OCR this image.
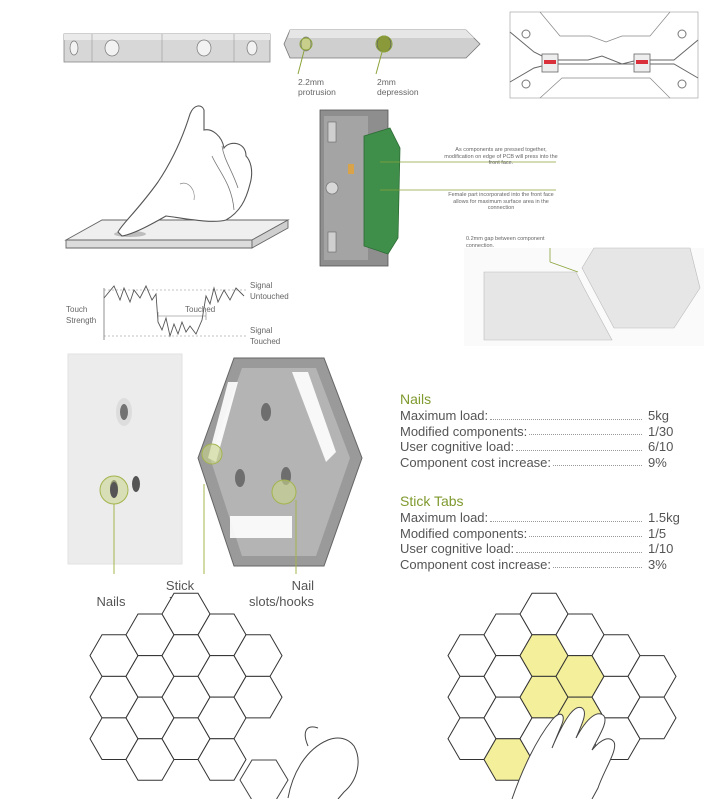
2.2mm protrusion
2mm depression
As components are pressed together, modification on edge of PCB will press into the front face.
Female part incorporated into the front face allows for maximum surface area in the connection
0.2mm gap between component connection.
Touch
Strength
Signal
Untouched
Touched
Signal
Touched
Nails
Stick	Nail
slots/hooks
Nails
Maximum load:	5kg
Modified components:	1/30
User cognitive load:	6/10
Component cost increase:	9%
Stick Tabs
Maximum load:	1.5kg
Modified components:	1/5
User cognitive load:	1/10
Component cost increase:	3%
